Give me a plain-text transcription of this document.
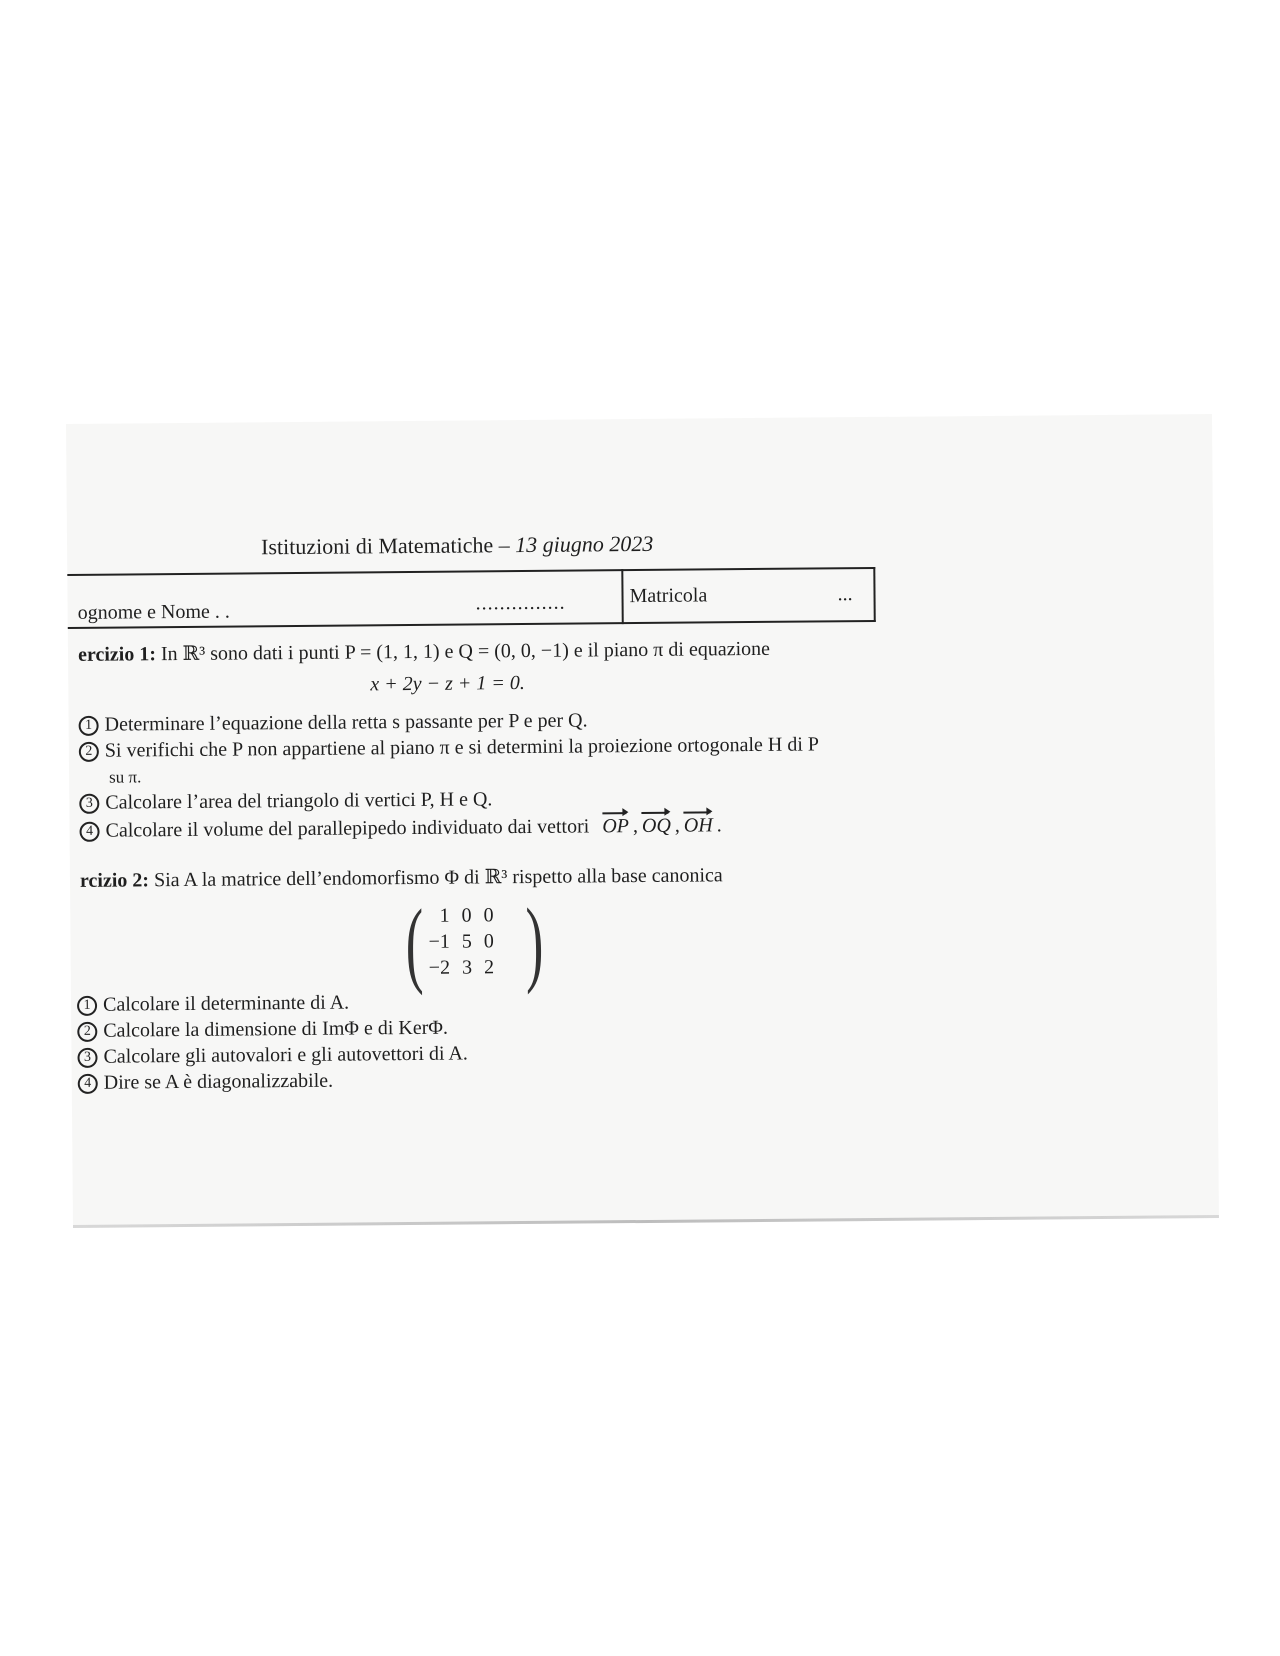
Istituzioni di Matematiche – 13 giugno 2023
ognome e Nome . .	...............	Matricola	...
ercizio 1: In ℝ³ sono dati i punti P = (1, 1, 1) e Q = (0, 0, −1) e il piano π di equazione
x + 2y − z + 1 = 0.
1 Determinare l’equazione della retta s passante per P e per Q.
2 Si verifichi che P non appartiene al piano π e si determini la proiezione ortogonale H di P
su π.
3 Calcolare l’area del triangolo di vertici P, H e Q.
4 Calcolare il volume del parallepipedo individuato dai vettori
OP , OQ , OH .
rcizio 2: Sia A la matrice dell’endomorfismo Φ di ℝ³ rispetto alla base canonica
( 1	0	0
−1	5	0
−2	3	2 )
1 Calcolare il determinante di A.
2 Calcolare la dimensione di ImΦ e di KerΦ.
3 Calcolare gli autovalori e gli autovettori di A.
4 Dire se A è diagonalizzabile.
